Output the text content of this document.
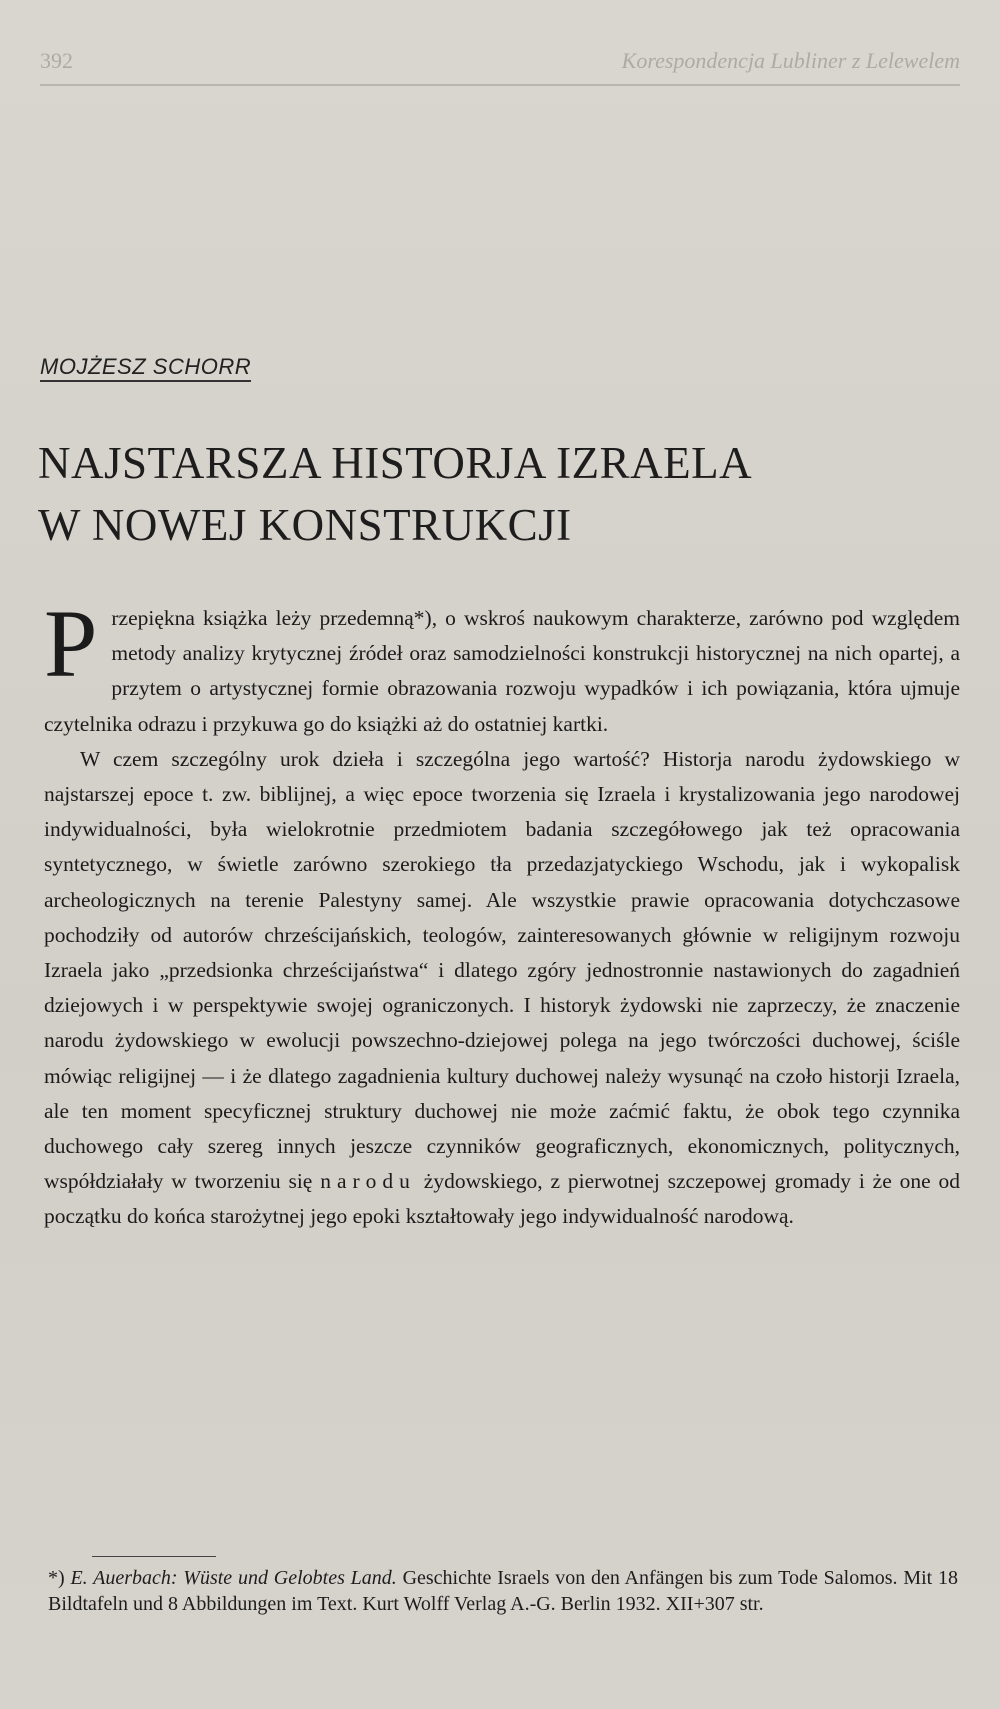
392	Korespondencja Lubliner z Lelewelem
MOJŻESZ SCHORR
NAJSTARSZA HISTORJA IZRAELA
W NOWEJ KONSTRUKCJI

Przepiękna książka leży przedemną*), o wskroś naukowym charakterze, zarówno pod względem metody analizy krytycznej źródeł oraz samodzielności konstrukcji historycznej na nich opartej, a przytem o artystycznej formie obrazowania rozwoju wypadków i ich powiązania, która ujmuje czytelnika odrazu i przykuwa go do książki aż do ostatniej kartki.

W czem szczególny urok dzieła i szczególna jego wartość? Historja narodu żydowskiego w najstarszej epoce t. zw. biblijnej, a więc epoce tworzenia się Izraela i krystalizowania jego narodowej indywidualności, była wielokrotnie przedmiotem badania szczegółowego jak też opracowania syntetycznego, w świetle zarówno szerokiego tła przedazjatyckiego Wschodu, jak i wykopalisk archeologicznych na terenie Palestyny samej. Ale wszystkie prawie opracowania dotychczasowe pochodziły od autorów chrześcijańskich, teologów, zainteresowanych głównie w religijnym rozwoju Izraela jako „przedsionka chrześcijaństwa“ i dlatego zgóry jednostronnie nastawionych do zagadnień dziejowych i w perspektywie swojej ograniczonych. I historyk żydowski nie zaprzeczy, że znaczenie narodu żydowskiego w ewolucji powszechno-dziejowej polega na jego twórczości duchowej, ściśle mówiąc religijnej — i że dlatego zagadnienia kultury duchowej należy wysunąć na czoło historji Izraela, ale ten moment specyficznej struktury duchowej nie może zaćmić faktu, że obok tego czynnika duchowego cały szereg innych jeszcze czynników geograficznych, ekonomicznych, politycznych, współdziałały w tworzeniu się narodu żydowskiego, z pierwotnej szczepowej gromady i że one od początku do końca starożytnej jego epoki kształtowały jego indywidualność narodową.

*) E. Auerbach: Wüste und Gelobtes Land. Geschichte Israels von den Anfängen bis zum Tode Salomos. Mit 18 Bildtafeln und 8 Abbildungen im Text. Kurt Wolff Verlag A.-G. Berlin 1932. XII+307 str.
